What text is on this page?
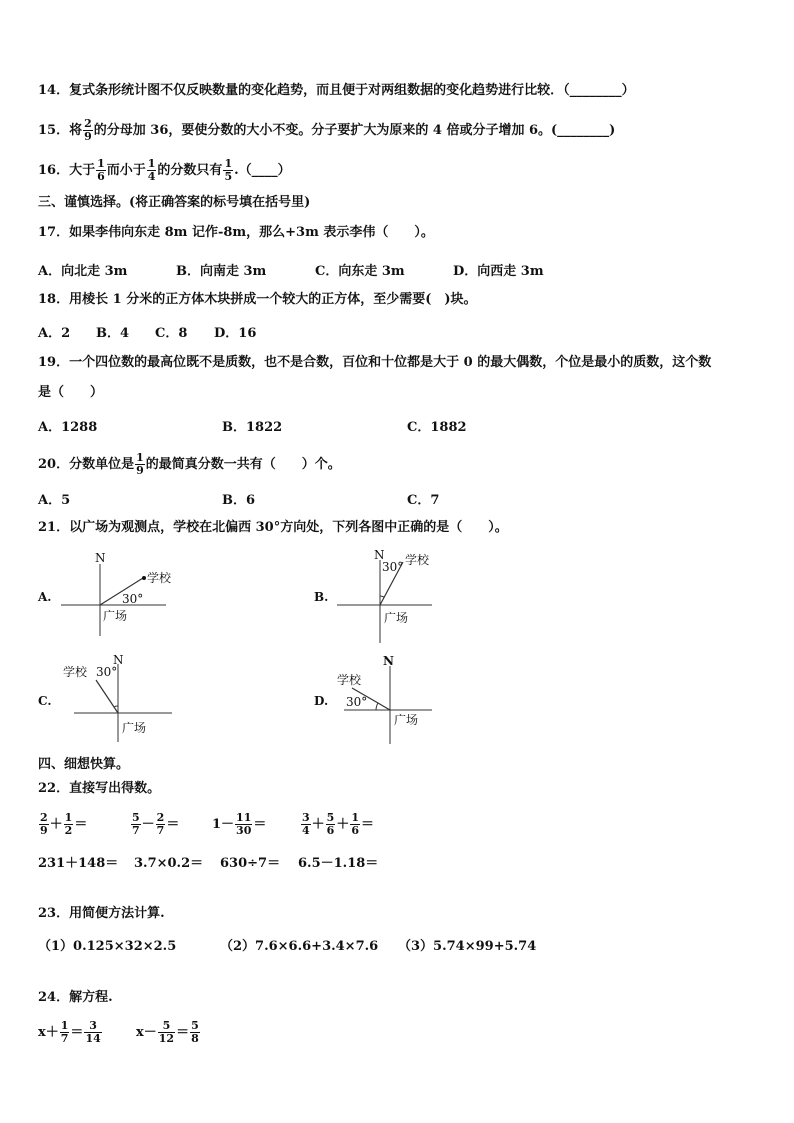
14．复式条形统计图不仅反映数量的变化趋势，而且便于对两组数据的变化趋势进行比较．（________）
15．将 $\frac{2}{9}$ 的分母加 36，要使分数的大小不变。分子要扩大为原来的 4 倍或分子增加 6。(________)
16．大于 $\frac{1}{6}$ 而小于 $\frac{1}{4}$ 的分数只有 $\frac{1}{5}$ .（____）
三、谨慎选择。(将正确答案的标号填在括号里)
17．如果李伟向东走 8m 记作-8m，那么+3m 表示李伟（　　）。
A．向北走 3m	B．向南走 3m	C．向东走 3m	D．向西走 3m
18．用棱长 1 分米的正方体木块拼成一个较大的正方体，至少需要(　)块。
A．2 B．4 C．8 D．16
19．一个四位数的最高位既不是质数，也不是合数，百位和十位都是大于 0 的最大偶数，个位是最小的质数，这个数
是（　　）
A．1288	B．1822	C．1882
20．分数单位是 $\frac{1}{9}$ 的最简真分数一共有（　　）个。
A．5	B．6	C．7
21．以广场为观测点，学校在北偏西 30°方向处，下列各图中正确的是（　　）。
A.
N
学校
30°
广场
B.
N 学校
30°
广场
C.
N
学校 30°
广场
D.
N
学校
30°
广场
四、细想快算。
22．直接写出得数。
$\frac{2}{9} + \frac{1}{2}$ ＝	$\frac{5}{7} - \frac{2}{7}$ ＝	$1- \frac{11}{30}$ ＝	$\frac{3}{4} + \frac{5}{6} + \frac{1}{6}$ ＝
231＋148＝ 3.7×0.2＝ 630÷7＝ 6.5－1.18＝
23．用简便方法计算.
（1）0.125×32×2.5	（2）7.6×6.6+3.4×7.6 （3）5.74×99+5.74
24．解方程.
$x+ \frac{1}{7} = \frac{3}{14}$	$x- \frac{5}{12} = \frac{5}{8}$
